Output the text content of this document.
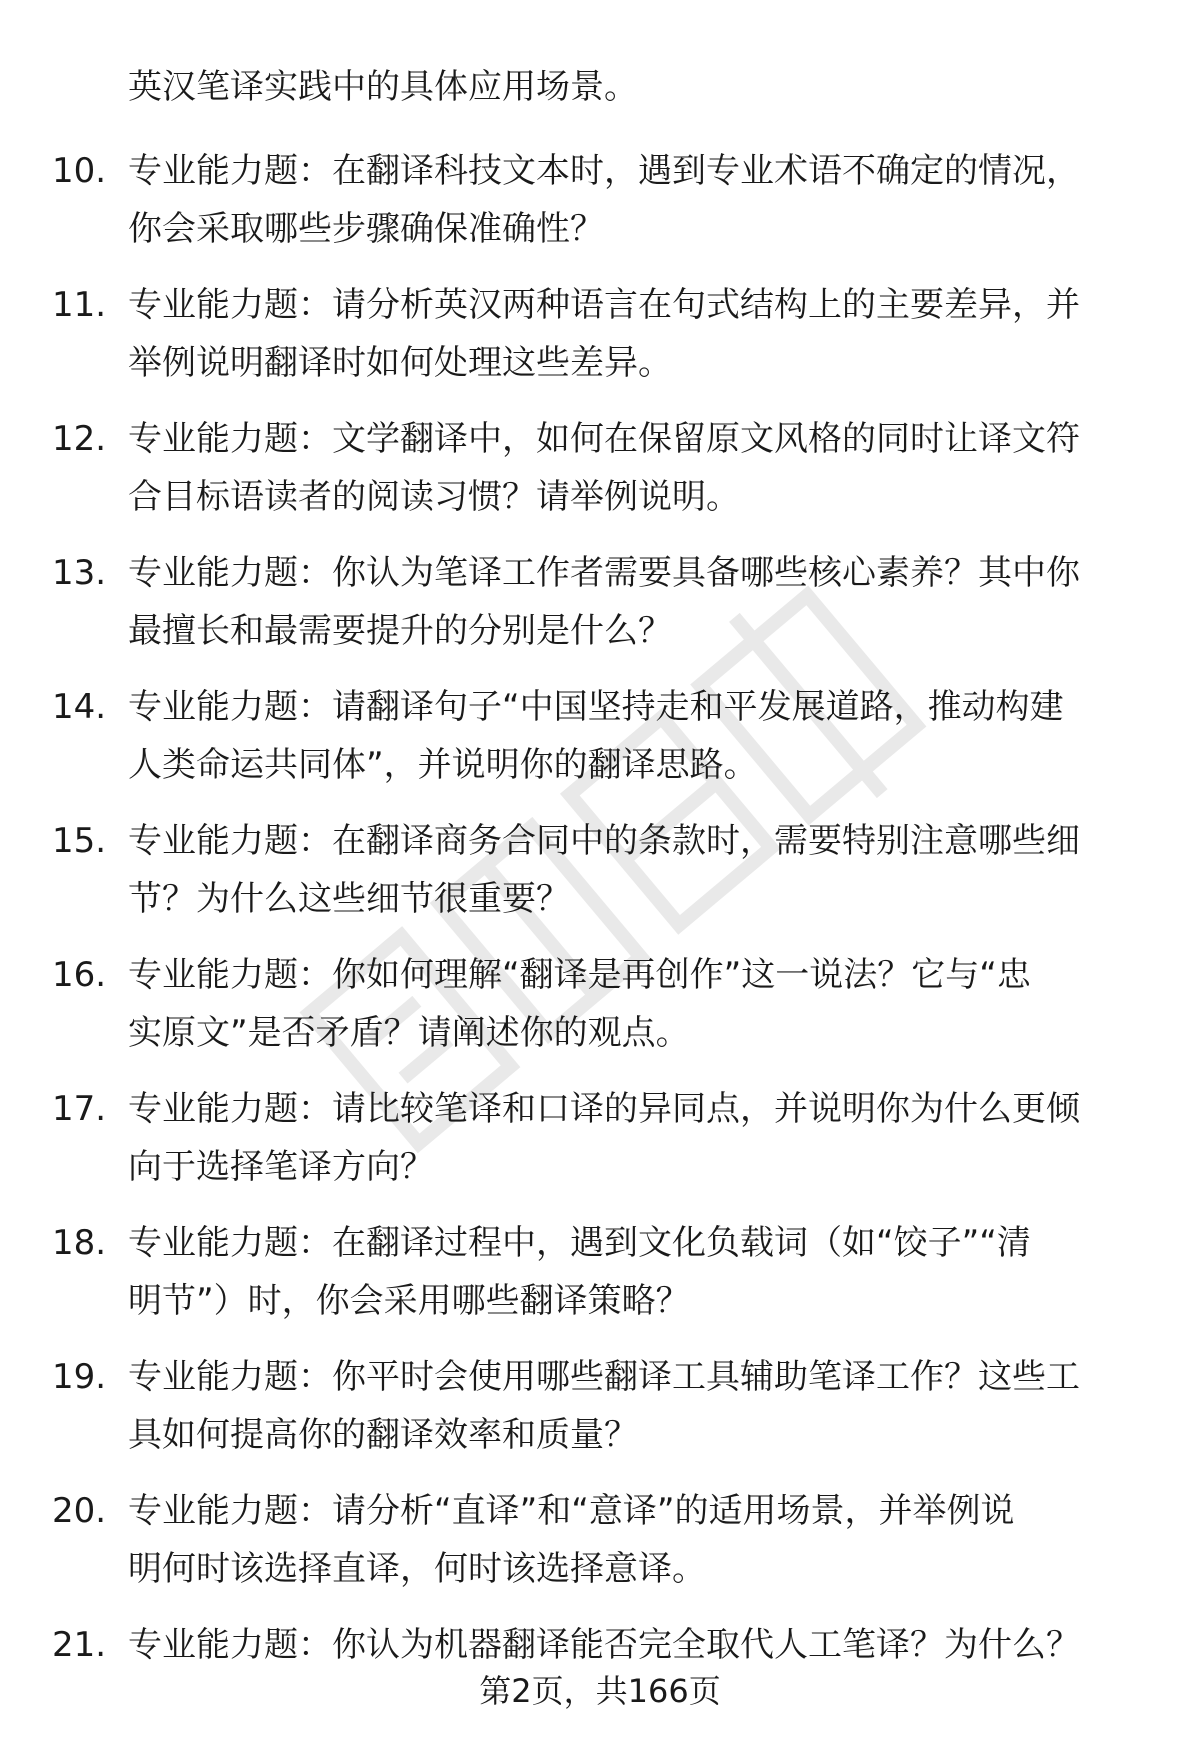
英汉笔译实践中的具体应用场景。
10. 专业能力题：在翻译科技文本时，遇到专业术语不确定的情况，
你会采取哪些步骤确保准确性？
11. 专业能力题：请分析英汉两种语言在句式结构上的主要差异，并
举例说明翻译时如何处理这些差异。
12. 专业能力题：文学翻译中，如何在保留原文风格的同时让译文符
合目标语读者的阅读习惯？请举例说明。
13. 专业能力题：你认为笔译工作者需要具备哪些核心素养？其中你
最擅长和最需要提升的分别是什么？
14. 专业能力题：请翻译句子“中国坚持走和平发展道路，推动构建
人类命运共同体”，并说明你的翻译思路。
15. 专业能力题：在翻译商务合同中的条款时，需要特别注意哪些细
节？为什么这些细节很重要？
16. 专业能力题：你如何理解“翻译是再创作”这一说法？它与“忠
实原文”是否矛盾？请阐述你的观点。
17. 专业能力题：请比较笔译和口译的异同点，并说明你为什么更倾
向于选择笔译方向？
18. 专业能力题：在翻译过程中，遇到文化负载词（如“饺子”“清
明节”）时，你会采用哪些翻译策略？
19. 专业能力题：你平时会使用哪些翻译工具辅助笔译工作？这些工
具如何提高你的翻译效率和质量？
20. 专业能力题：请分析“直译”和“意译”的适用场景，并举例说
明何时该选择直译，何时该选择意译。
21. 专业能力题：你认为机器翻译能否完全取代人工笔译？为什么？
第2页，共166页
